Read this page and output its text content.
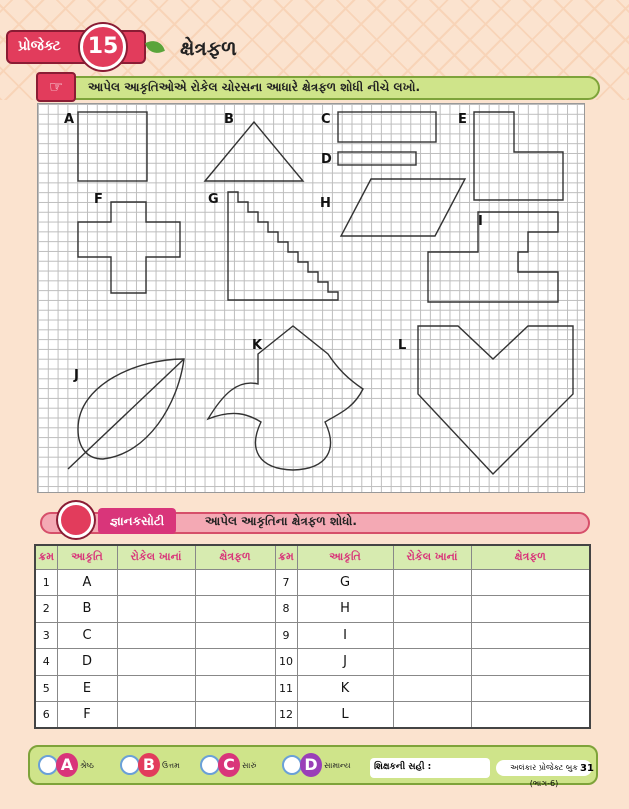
પ્રોજેક્ટ	15	ક્ષેત્રફળ
☞	આપેલ આકૃતિઓએ રોકેલ ચોરસના આધારે ક્ષેત્રફળ શોધી નીચે લખો.
A	B	C
D
E
F	G	H
I
J
K	L
જ્ઞાનકસોટી	આપેલ આકૃતિના ક્ષેત્રફળ શોધો.
ક્રમ	આકૃતિ	રોકેલ ખાનાં	ક્ષેત્રફળ	ક્રમ	આકૃતિ	રોકેલ ખાનાં	ક્ષેત્રફળ
1	A			7	G		
2	B			8	H		
3	C			9	I		
4	D			10	J		
5	E			11	K		
6	F			12	L		
A શ્રેષ્ઠ	B ઉત્તમ	C સારું	D સામાન્ય	શિક્ષકની સહી :	અલંકાર પ્રોજેક્ટ બુક (ભાગ-6)
31
